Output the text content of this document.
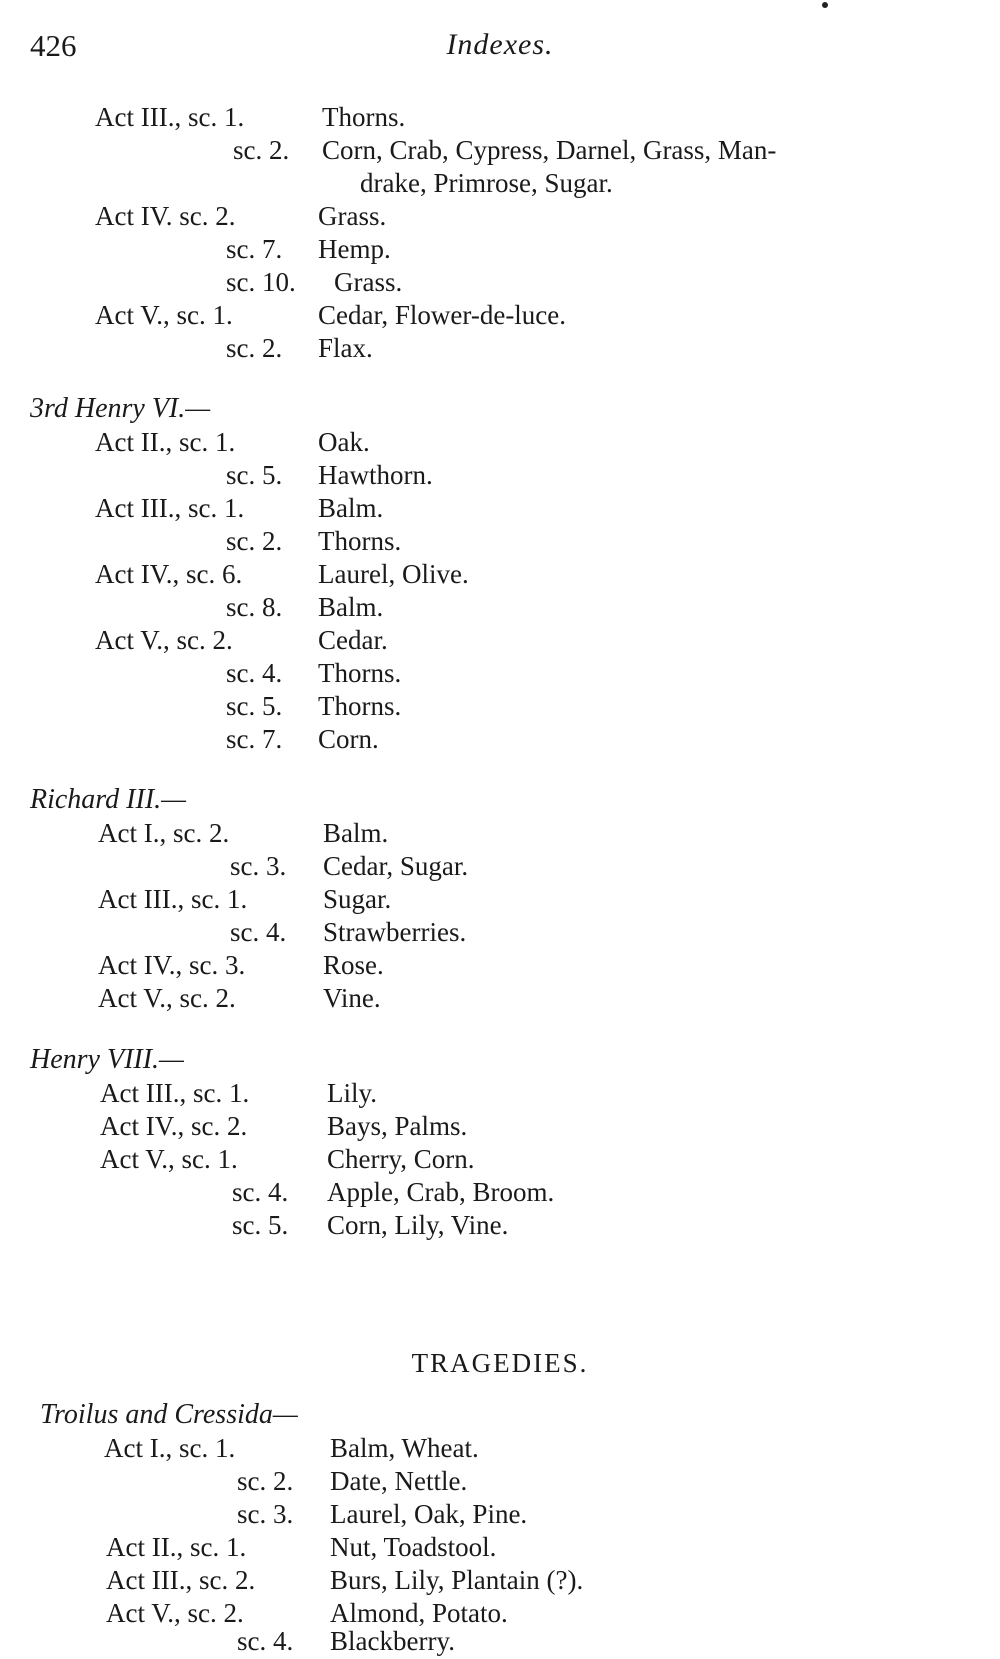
426	Indexes.
Act III., sc. 1.	Thorns.
sc. 2. Corn, Crab, Cypress, Darnel, Grass, Man-
drake, Primrose, Sugar.
Act IV. sc. 2.	Grass.
sc. 7. Hemp.
sc. 10. Grass.
Act V., sc. 1.	Cedar, Flower-de-luce.
sc. 2. Flax.
3rd Henry VI.—
Act II., sc. 1.	Oak.
sc. 5. Hawthorn.
Act III., sc. 1.	Balm.
sc. 2. Thorns.
Act IV., sc. 6.	Laurel, Olive.
sc. 8. Balm.
Act V., sc. 2.	Cedar.
sc. 4. Thorns.
sc. 5. Thorns.
sc. 7. Corn.
Richard III.—
Act I., sc. 2.	Balm.
sc. 3. Cedar, Sugar.
Act III., sc. 1.	Sugar.
sc. 4. Strawberries.
Act IV., sc. 3.	Rose.
Act V., sc. 2.	Vine.
Henry VIII.—
Act III., sc. 1.	Lily.
Act IV., sc. 2.	Bays, Palms.
Act V., sc. 1.	Cherry, Corn.
sc. 4. Apple, Crab, Broom.
sc. 5. Corn, Lily, Vine.
TRAGEDIES.
Troilus and Cressida—
Act I., sc. 1.	Balm, Wheat.
sc. 2. Date, Nettle.
sc. 3. Laurel, Oak, Pine.
Act II., sc. 1.	Nut, Toadstool.
Act III., sc. 2.	Burs, Lily, Plantain (?).
Act V., sc. 2.	Almond, Potato.
sc. 4. Blackberry.
